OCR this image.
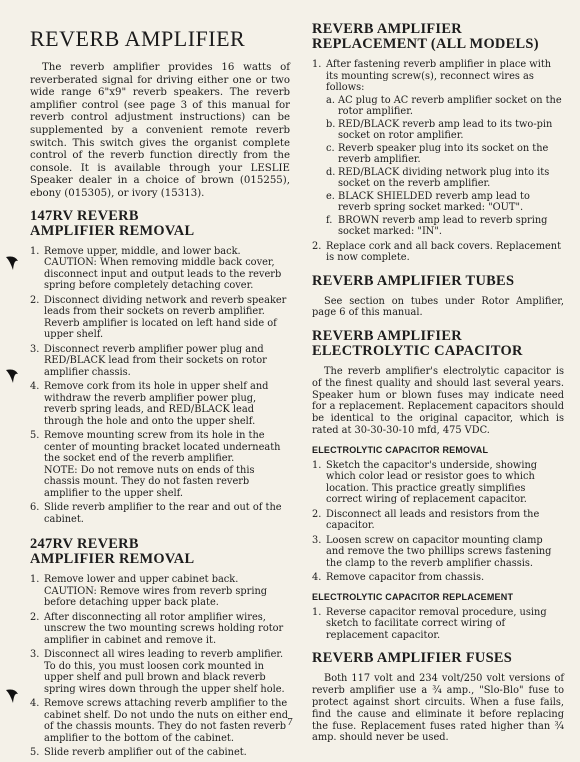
REVERB AMPLIFIER

The reverb amplifier provides 16 watts of reverberated signal for driving either one or two wide range 6"x9" reverb speakers. The reverb amplifier control (see page 3 of this manual for reverb control adjustment instructions) can be supplemented by a convenient remote reverb switch. This switch gives the organist complete control of the reverb function directly from the console. It is available through your LESLIE Speaker dealer in a choice of brown (015255), ebony (015305), or ivory (15313).

147RV REVERB
AMPLIFIER REMOVAL
1. Remove upper, middle, and lower back.
CAUTION: When removing middle back cover, disconnect input and output leads to the reverb spring before completely detaching cover.
2. Disconnect dividing network and reverb speaker leads from their sockets on reverb amplifier. Reverb amplifier is located on left hand side of upper shelf.
3. Disconnect reverb amplifier power plug and RED/BLACK lead from their sockets on rotor amplifier chassis.
4. Remove cork from its hole in upper shelf and withdraw the reverb amplifier power plug, reverb spring leads, and RED/BLACK lead through the hole and onto the upper shelf.
5. Remove mounting screw from its hole in the center of mounting bracket located underneath the socket end of the reverb amplifier.
NOTE: Do not remove nuts on ends of this chassis mount. They do not fasten reverb amplifier to the upper shelf.
6. Slide reverb amplifier to the rear and out of the cabinet.
247RV REVERB
AMPLIFIER REMOVAL
1. Remove lower and upper cabinet back.
CAUTION: Remove wires from reverb spring before detaching upper back plate.
2. After disconnecting all rotor amplifier wires, unscrew the two mounting screws holding rotor amplifier in cabinet and remove it.
3. Disconnect all wires leading to reverb amplifier. To do this, you must loosen cork mounted in upper shelf and pull brown and black reverb spring wires down through the upper shelf hole.
4. Remove screws attaching reverb amplifier to the cabinet shelf. Do not undo the nuts on either end of the chassis mounts. They do not fasten reverb amplifier to the bottom of the cabinet.
5. Slide reverb amplifier out of the cabinet.
REVERB AMPLIFIER
REPLACEMENT (ALL MODELS)
1. After fastening reverb amplifier in place with its mounting screw(s), reconnect wires as follows:
a. AC plug to AC reverb amplifier socket on the rotor amplifier.
b. RED/BLACK reverb amp lead to its two-pin socket on rotor amplifier.
c. Reverb speaker plug into its socket on the reverb amplifier.
d. RED/BLACK dividing network plug into its socket on the reverb amplifier.
e. BLACK SHIELDED reverb amp lead to reverb spring socket marked: "OUT".
f. BROWN reverb amp lead to reverb spring socket marked: "IN".
2. Replace cork and all back covers. Replacement is now complete.
REVERB AMPLIFIER TUBES

See section on tubes under Rotor Amplifier, page 6 of this manual.

REVERB AMPLIFIER
ELECTROLYTIC CAPACITOR

The reverb amplifier's electrolytic capacitor is of the finest quality and should last several years. Speaker hum or blown fuses may indicate need for a replacement. Replacement capacitors should be identical to the original capacitor, which is rated at 30-30-30-10 mfd, 475 VDC.

ELECTROLYTIC CAPACITOR REMOVAL
1. Sketch the capacitor's underside, showing which color lead or resistor goes to which location. This practice greatly simplifies correct wiring of replacement capacitor.
2. Disconnect all leads and resistors from the capacitor.
3. Loosen screw on capacitor mounting clamp and remove the two phillips screws fastening the clamp to the reverb amplifier chassis.
4. Remove capacitor from chassis.
ELECTROLYTIC CAPACITOR REPLACEMENT
1. Reverse capacitor removal procedure, using sketch to facilitate correct wiring of replacement capacitor.
REVERB AMPLIFIER FUSES

Both 117 volt and 234 volt/250 volt versions of reverb amplifier use a ¾ amp., "Slo-Blo" fuse to protect against short circuits. When a fuse fails, find the cause and eliminate it before replacing the fuse. Replacement fuses rated higher than ¾ amp. should never be used.

7
